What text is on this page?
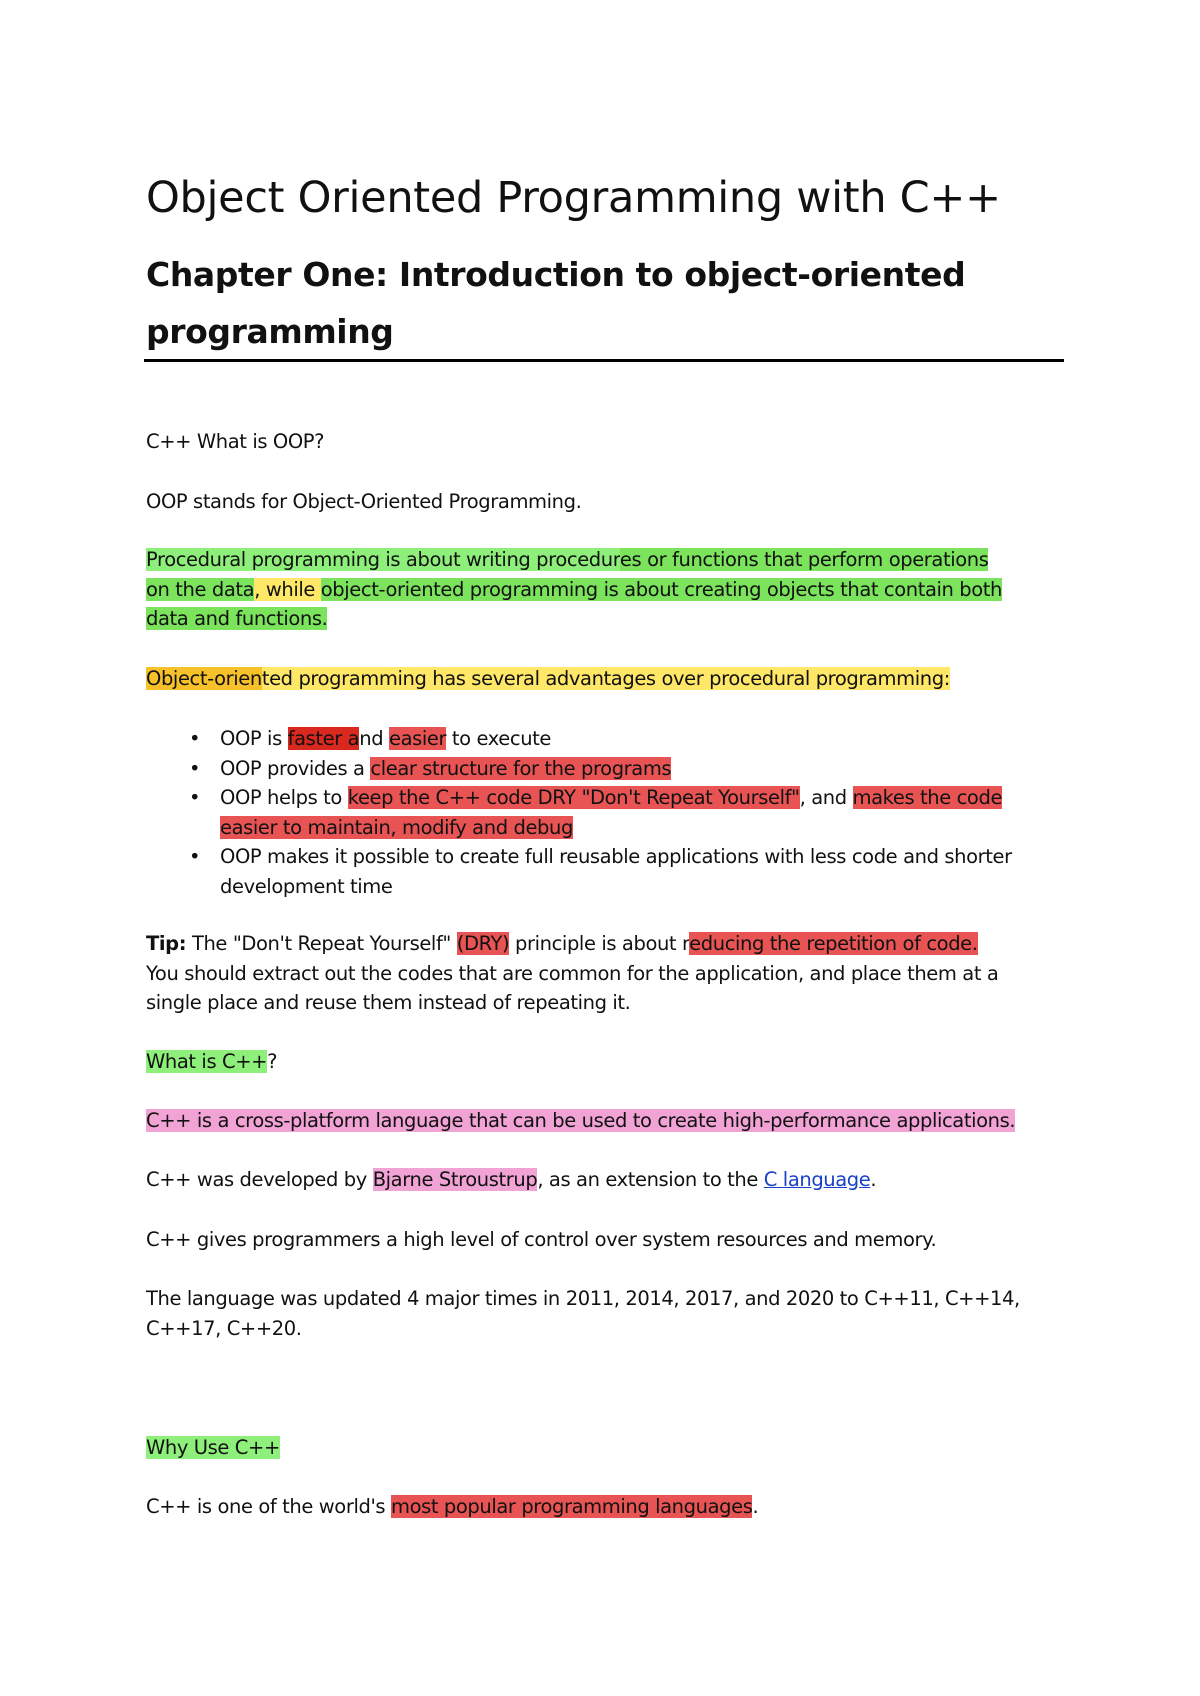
Object Oriented Programming with C++
Chapter One: Introduction to object-oriented
programming
C++ What is OOP?
OOP stands for Object-Oriented Programming.
Procedural programming is about writing procedures or functions that perform operations
on the data, while object-oriented programming is about creating objects that contain both
data and functions.
Object-oriented programming has several advantages over procedural programming:
• OOP is faster and easier to execute
• OOP provides a clear structure for the programs
• OOP helps to keep the C++ code DRY "Don't Repeat Yourself", and makes the code
easier to maintain, modify and debug
• OOP makes it possible to create full reusable applications with less code and shorter
development time
Tip: The "Don't Repeat Yourself" (DRY) principle is about reducing the repetition of code.
You should extract out the codes that are common for the application, and place them at a
single place and reuse them instead of repeating it.
What is C++?
C++ is a cross-platform language that can be used to create high-performance applications.
C++ was developed by Bjarne Stroustrup, as an extension to the C language.
C++ gives programmers a high level of control over system resources and memory.
The language was updated 4 major times in 2011, 2014, 2017, and 2020 to C++11, C++14,
C++17, C++20.
Why Use C++
C++ is one of the world's most popular programming languages.
